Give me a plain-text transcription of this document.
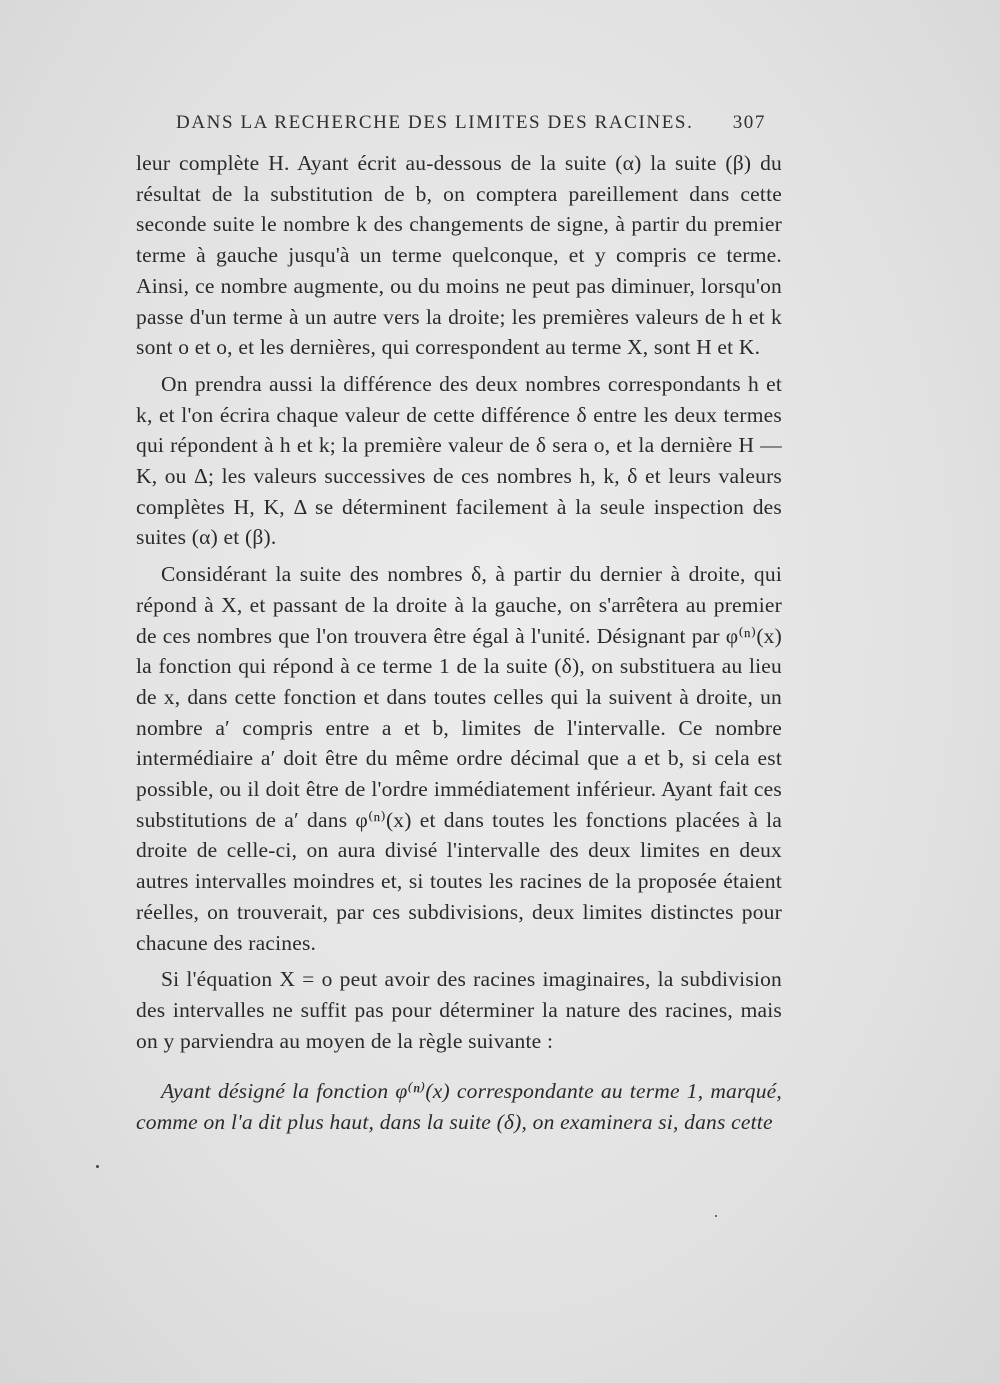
DANS LA RECHERCHE DES LIMITES DES RACINES. 307

leur complète H. Ayant écrit au-dessous de la suite (α) la suite (β) du résultat de la substitution de b, on comptera pareillement dans cette seconde suite le nombre k des changements de signe, à partir du premier terme à gauche jusqu'à un terme quelconque, et y compris ce terme. Ainsi, ce nombre augmente, ou du moins ne peut pas diminuer, lorsqu'on passe d'un terme à un autre vers la droite; les premières valeurs de h et k sont o et o, et les dernières, qui correspondent au terme X, sont H et K.

On prendra aussi la différence des deux nombres correspondants h et k, et l'on écrira chaque valeur de cette différence δ entre les deux termes qui répondent à h et k; la première valeur de δ sera o, et la dernière H — K, ou Δ; les valeurs successives de ces nombres h, k, δ et leurs valeurs complètes H, K, Δ se déterminent facilement à la seule inspection des suites (α) et (β).

Considérant la suite des nombres δ, à partir du dernier à droite, qui répond à X, et passant de la droite à la gauche, on s'arrêtera au premier de ces nombres que l'on trouvera être égal à l'unité. Désignant par φ⁽ⁿ⁾(x) la fonction qui répond à ce terme 1 de la suite (δ), on substituera au lieu de x, dans cette fonction et dans toutes celles qui la suivent à droite, un nombre a′ compris entre a et b, limites de l'intervalle. Ce nombre intermédiaire a′ doit être du même ordre décimal que a et b, si cela est possible, ou il doit être de l'ordre immédiatement inférieur. Ayant fait ces substitutions de a′ dans φ⁽ⁿ⁾(x) et dans toutes les fonctions placées à la droite de celle-ci, on aura divisé l'intervalle des deux limites en deux autres intervalles moindres et, si toutes les racines de la proposée étaient réelles, on trouverait, par ces subdivisions, deux limites distinctes pour chacune des racines.

Si l'équation X = o peut avoir des racines imaginaires, la subdivision des intervalles ne suffit pas pour déterminer la nature des racines, mais on y parviendra au moyen de la règle suivante :

Ayant désigné la fonction φ⁽ⁿ⁾(x) correspondante au terme 1, marqué, comme on l'a dit plus haut, dans la suite (δ), on examinera si, dans cette
